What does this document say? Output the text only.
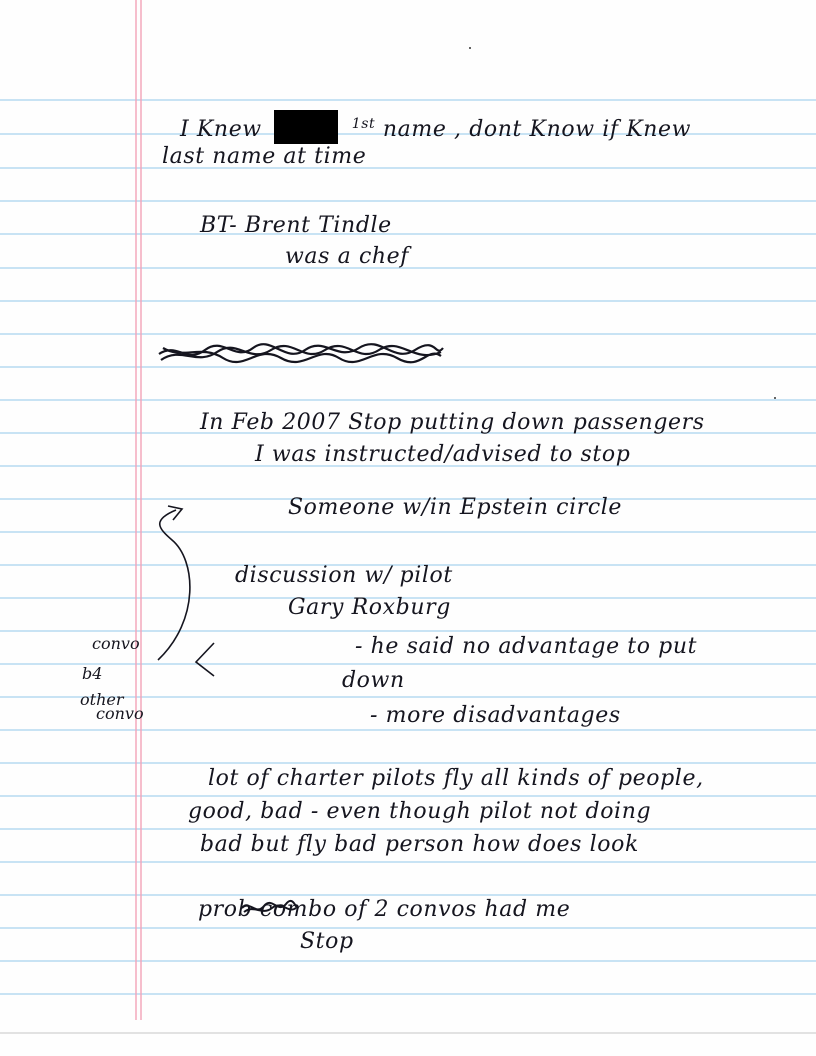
I Knew	$^{1st}$ name , dont Know if Knew
last name at time
BT- Brent Tindle
was a chef
In Feb 2007 Stop putting down passengers
I was instructed/advised to stop
Someone w/in Epstein circle
discussion w/ pilot
Gary Roxburg
- he said no advantage to put
down
- more disadvantages
lot of charter pilots fly all kinds of people,
good, bad - even though pilot not doing
bad but fly bad person how does look
prob combo of 2 convos had me
Stop
convo
b4
other
convo
